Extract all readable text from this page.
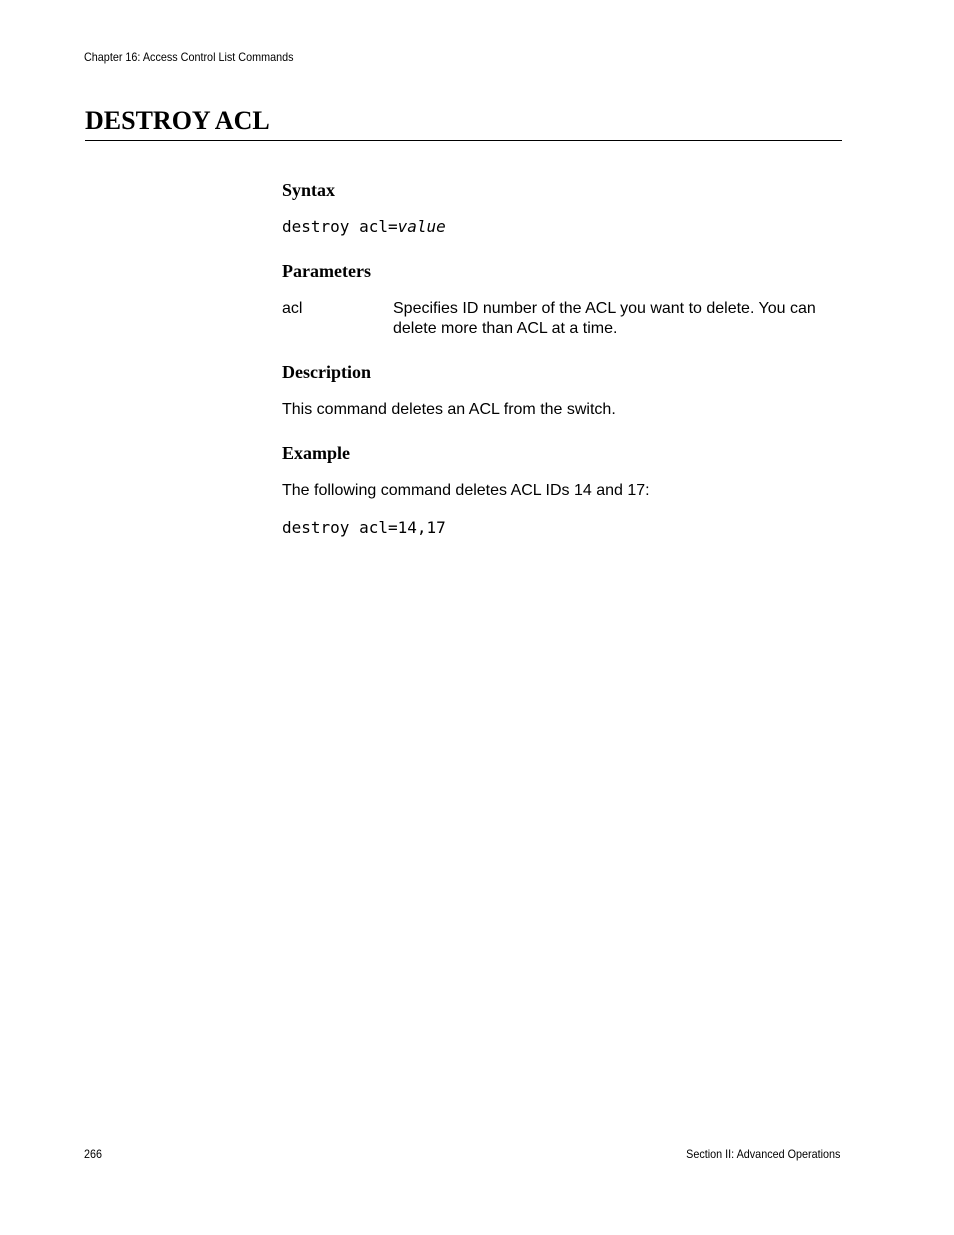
Chapter 16: Access Control List Commands
DESTROY ACL
Syntax
destroy acl=value
Parameters
acl	Specifies ID number of the ACL you want to delete. You can delete more than ACL at a time.
Description
This command deletes an ACL from the switch.
Example
The following command deletes ACL IDs 14 and 17:
destroy acl=14,17
266	Section II: Advanced Operations
